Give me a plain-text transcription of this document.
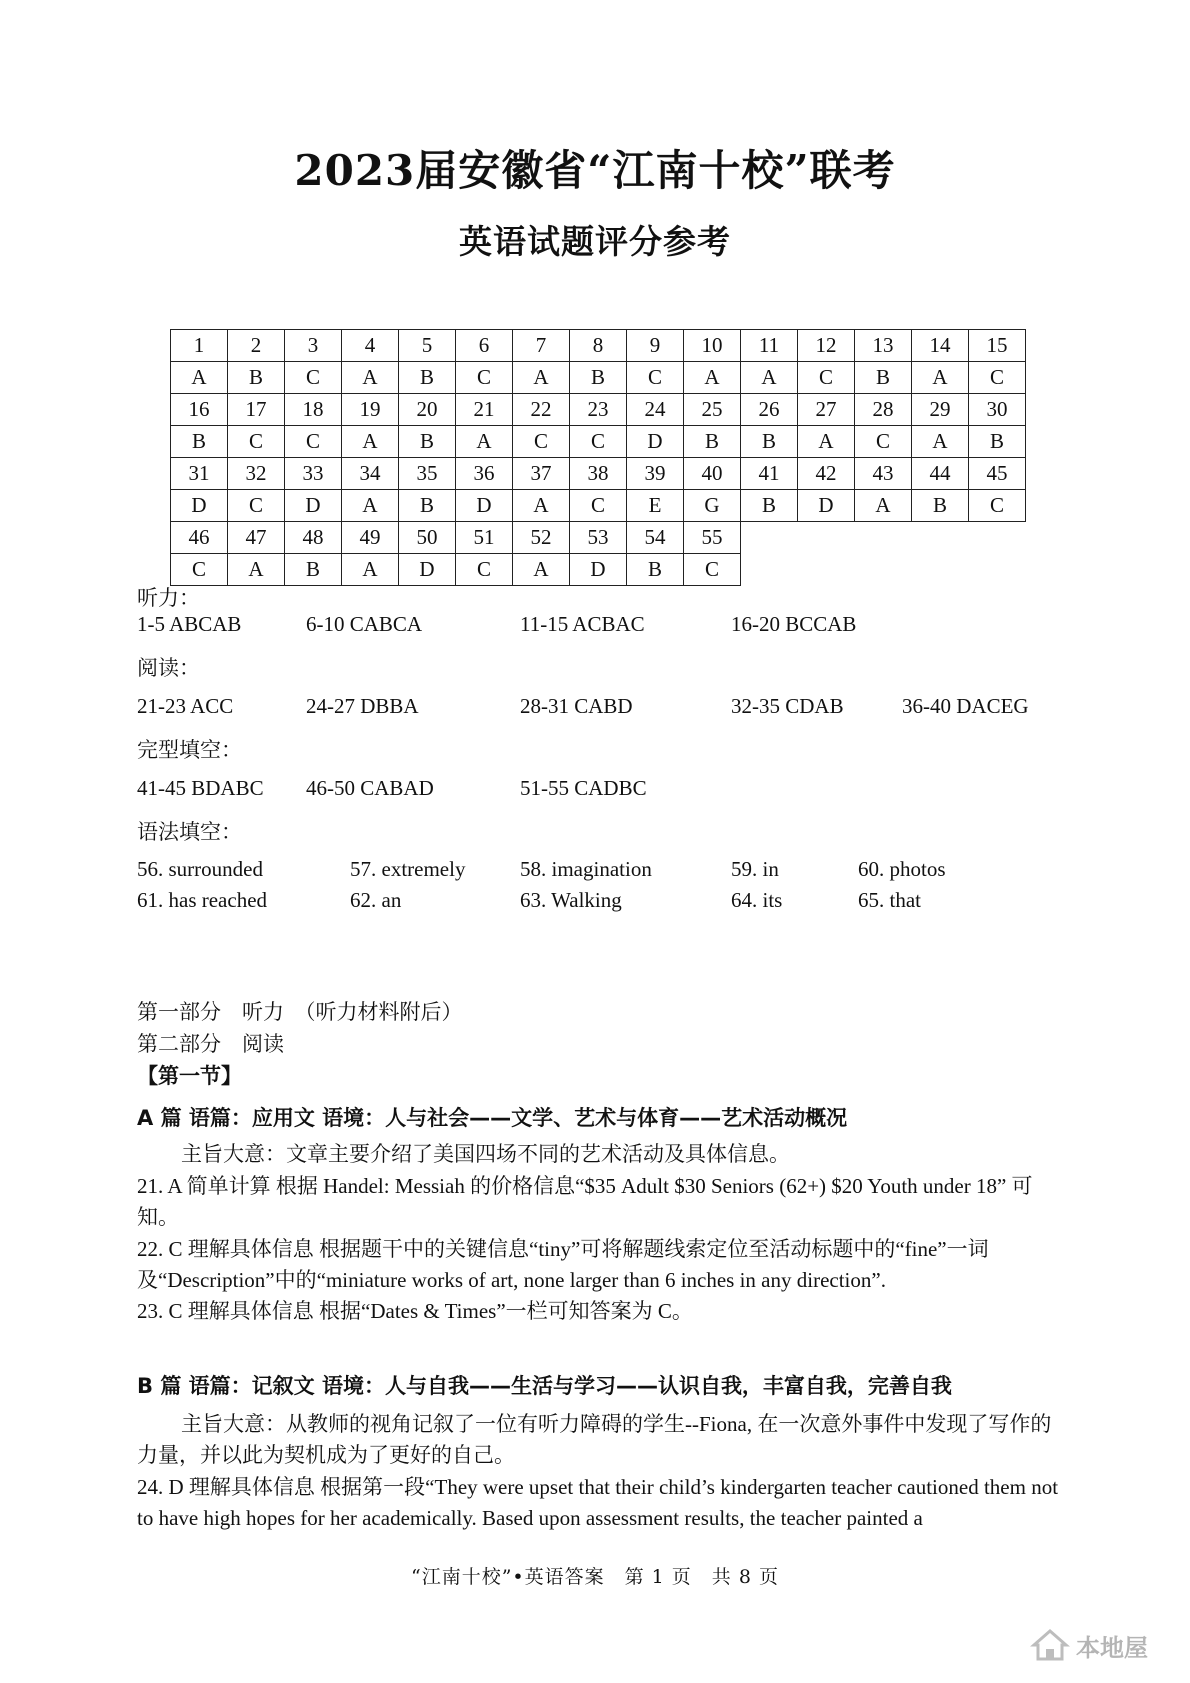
2023届安徽省“江南十校”联考
英语试题评分参考
1	2	3	4	5	6	7	8	9	10	11	12	13	14	15
A	B	C	A	B	C	A	B	C	A	A	C	B	A	C
16	17	18	19	20	21	22	23	24	25	26	27	28	29	30
B	C	C	A	B	A	C	C	D	B	B	A	C	A	B
31	32	33	34	35	36	37	38	39	40	41	42	43	44	45
D	C	D	A	B	D	A	C	E	G	B	D	A	B	C
46	47	48	49	50	51	52	53	54	55					
C	A	B	A	D	C	A	D	B	C					
听力：
1-5 ABCAB	6-10 CABCA	11-15 ACBAC	16-20 BCCAB
阅读：
21-23 ACC	24-27 DBBA	28-31 CABD	32-35 CDAB	36-40 DACEG
完型填空：
41-45 BDABC 46-50 CABAD	51-55 CADBC
语法填空：
56. surrounded	57. extremely	58. imagination	59. in	60. photos
61. has reached	62. an	63. Walking	64. its	65. that
第一部分　听力　（听力材料附后）
第二部分　阅读
【第一节】
A 篇 语篇：应用文 语境：人与社会——文学、艺术与体育——艺术活动概况
主旨大意：文章主要介绍了美国四场不同的艺术活动及具体信息。
21. A 简单计算 根据 Handel: Messiah 的价格信息“$35 Adult $30 Seniors (62+) $20 Youth under 18” 可知。
22. C 理解具体信息 根据题干中的关键信息“tiny”可将解题线索定位至活动标题中的“fine”一词及“Description”中的“miniature works of art, none larger than 6 inches in any direction”.
23. C 理解具体信息 根据“Dates & Times”一栏可知答案为 C。
B 篇 语篇：记叙文 语境：人与自我——生活与学习——认识自我，丰富自我，完善自我
主旨大意：从教师的视角记叙了一位有听力障碍的学生--Fiona, 在一次意外事件中发现了写作的力量，并以此为契机成为了更好的自己。
24. D 理解具体信息 根据第一段“They were upset that their child’s kindergarten teacher cautioned them not to have high hopes for her academically. Based upon assessment results, the teacher painted a
“江南十校”•英语答案　第 1 页　共 8 页
本地屋
